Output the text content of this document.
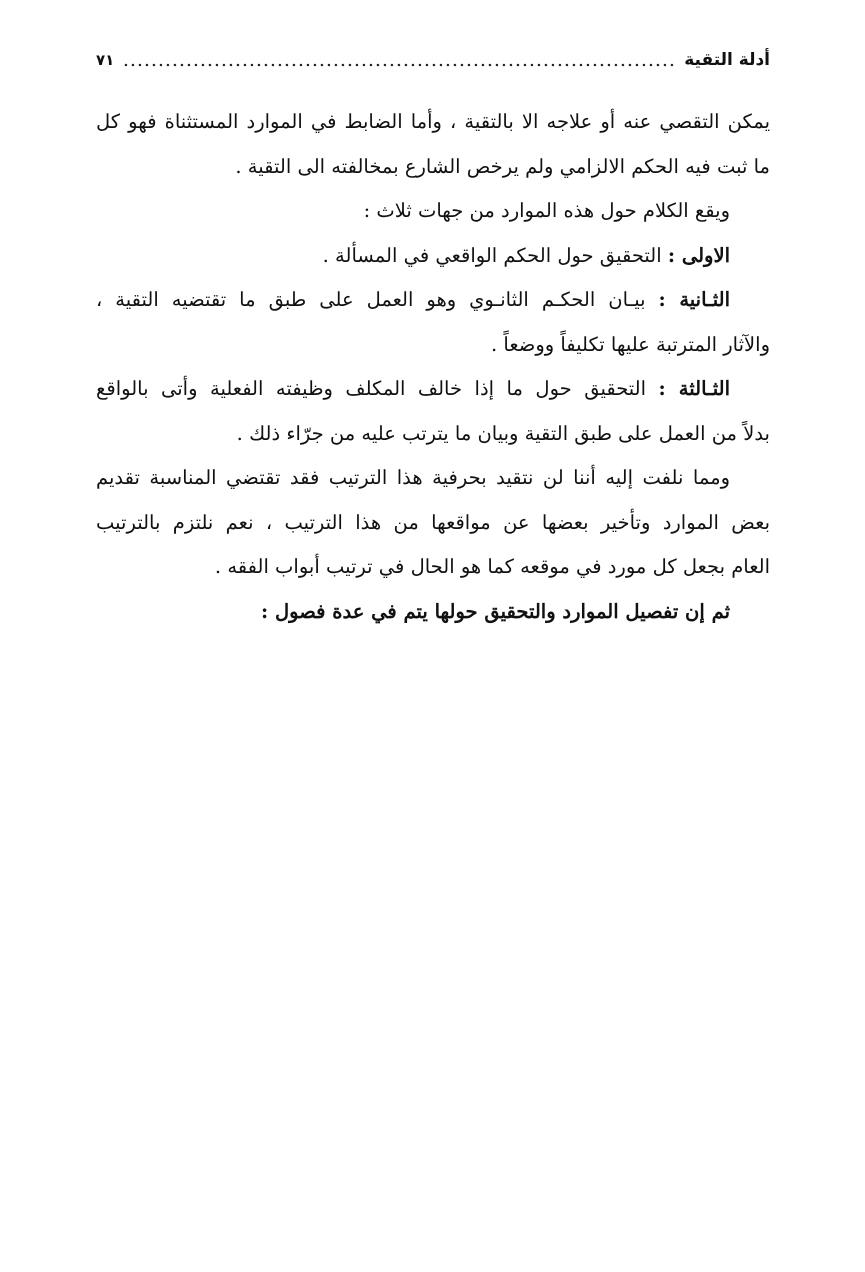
أدلة التقية
٧١
يمكن التقصي عنه أو علاجه الا بالتقية ، وأما الضابط في الموارد المستثناة فهو كل
ما ثبت فيه الحكم الالزامي ولم يرخص الشارع بمخالفته الى التقية .
ويقع الكلام حول هذه الموارد من جهات ثلاث :
الاولى : التحقيق حول الحكم الواقعي في المسألة .
الثـانية : بيـان الحكـم الثانـوي وهو العمل على طبق ما تقتضيه التقية ،
والآثار المترتبة عليها تكليفاً ووضعاً .
الثـالثة : التحقيق حول ما إذا خالف المكلف وظيفته الفعلية وأتى بالواقع
بدلاً من العمل على طبق التقية وبيان ما يترتب عليه من جرّاء ذلك .
ومما نلفت إليه أننا لن نتقيد بحرفية هذا الترتيب فقد تقتضي المناسبة تقديم
بعض الموارد وتأخير بعضها عن مواقعها من هذا الترتيب ، نعم نلتزم بالترتيب
العام بجعل كل مورد في موقعه كما هو الحال في ترتيب أبواب الفقه .
ثم إن تفصيل الموارد والتحقيق حولها يتم في عدة فصول :
